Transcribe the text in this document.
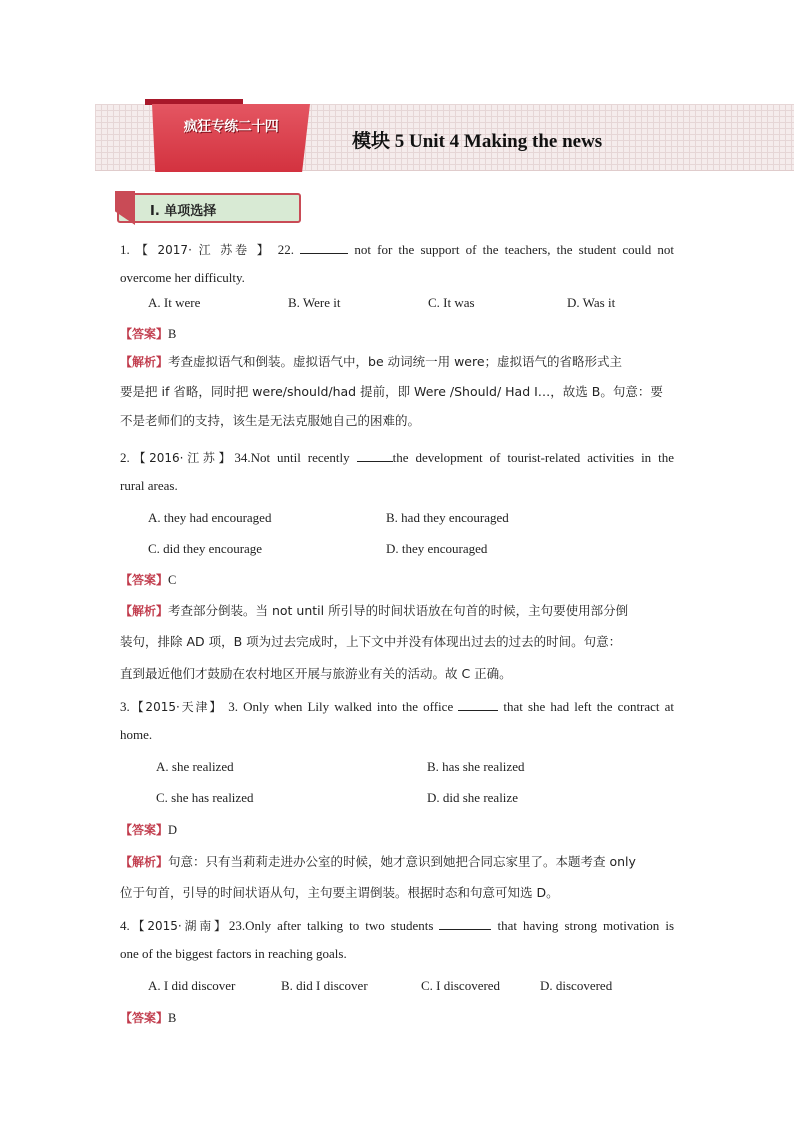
疯狂专练二十四
模块 5 Unit 4 Making the news
Ⅰ. 单项选择
1. 【 2017· 江 苏卷 】 22.	not for the support of the teachers, the student could not
overcome her difficulty.
A. It were	B. Were it	C. It was	D. Was it
【答案】B
【解析】考查虚拟语气和倒装。虚拟语气中，be 动词统一用 were；虚拟语气的省略形式主
要是把 if 省略，同时把 were/should/had 提前，即 Were /Should/ Had I…，故选 B。句意：要
不是老师们的支持，该生是无法克服她自己的困难的。
2.【2016·江苏】34.Not until recently	the development of tourist-related activities in the
rural areas.
A. they had encouraged	B. had they encouraged
C. did they encourage	D. they encouraged
【答案】C
【解析】考查部分倒装。当 not until 所引导的时间状语放在句首的时候，主句要使用部分倒
装句，排除 AD 项，B 项为过去完成时，上下文中并没有体现出过去的过去的时间。句意：
直到最近他们才鼓励在农村地区开展与旅游业有关的活动。故 C 正确。
3.【2015·天津】 3. Only when Lily walked into the office	that she had left the contract at
home.
A. she realized	B. has she realized
C. she has realized	D. did she realize
【答案】D
【解析】句意：只有当莉莉走进办公室的时候，她才意识到她把合同忘家里了。本题考查 only
位于句首，引导的时间状语从句，主句要主谓倒装。根据时态和句意可知选 D。
4.【2015·湖南】23.Only after talking to two students	that having strong motivation is
one of the biggest factors in reaching goals.
A. I did discover	B. did I discover	C. I discovered	D. discovered
【答案】B
